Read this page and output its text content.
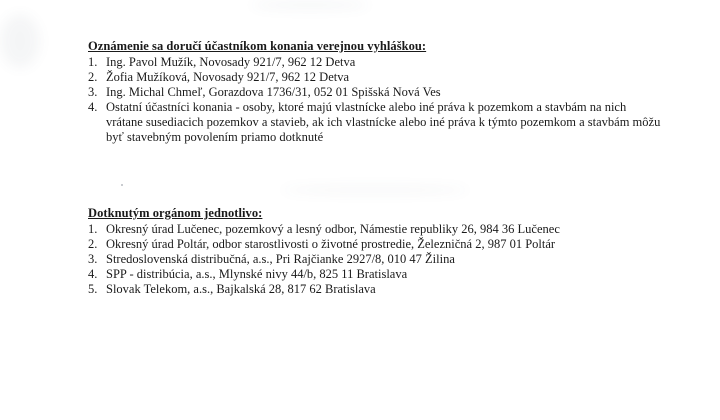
Oznámenie sa doručí účastníkom konania verejnou vyhláškou:
1. Ing. Pavol Mužík, Novosady 921/7, 962 12 Detva
2. Žofia Mužíková, Novosady 921/7, 962 12 Detva
3. Ing. Michal Chmeľ, Gorazdova 1736/31, 052 01 Spišská Nová Ves
4. Ostatní účastníci konania - osoby, ktoré majú vlastnícke alebo iné práva k pozemkom a stavbám na nich vrátane susediacich pozemkov a stavieb, ak ich vlastnícke alebo iné práva k týmto pozemkom a stavbám môžu byť stavebným povolením priamo dotknuté
Dotknutým orgánom jednotlivo:
1. Okresný úrad Lučenec, pozemkový a lesný odbor, Námestie republiky 26, 984 36 Lučenec
2. Okresný úrad Poltár, odbor starostlivosti o životné prostredie, Železničná 2, 987 01 Poltár
3. Stredoslovenská distribučná, a.s., Pri Rajčianke 2927/8, 010 47 Žilina
4. SPP - distribúcia, a.s., Mlynské nivy 44/b, 825 11 Bratislava
5. Slovak Telekom, a.s., Bajkalská 28, 817 62 Bratislava
